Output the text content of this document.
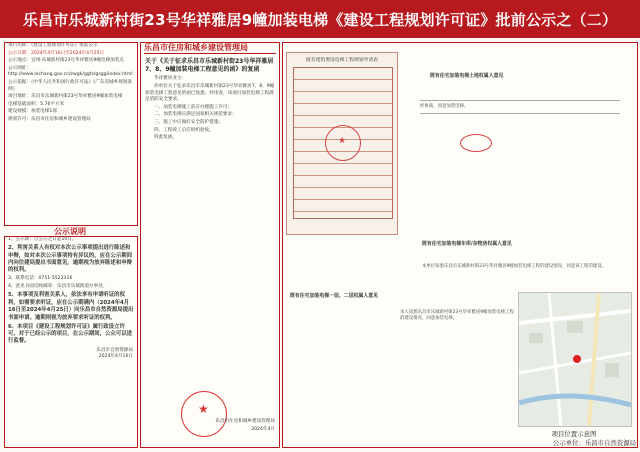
乐昌市乐城新村街23号华祥雅居9幢加装电梯《建设工程规划许可证》批前公示之（二）

项目名称：《建设工程规划许可证》批前公示

公示日期：2024年4月16日至2024年4月25日

公示地点：宜州·乐城新村街23号华祥雅居9幢电梯加装点

公示网址：http://www.lechang.gov.cn/zwgk/ggts/gsgg/index.html

公示依据：《中华人民共和国行政许可法》《广东省城乡规划条例》

项目地址：乐昌市乐城新村街23号华祥雅居9幢加装电梯

电梯基础面积：5.76平方米

建设规模：加装电梯1部

规划许可：乐昌市住房和城乡建设管理局

公示说明

1、公示期：自公示之日起10日。

2、利害关系人有权对本次公示事项提出进行陈述和申辩，如对本次公示事项持有异议的，应在公示期间内向住建局提出书面意见，逾期视为放弃陈述和申辩的权利。

3、联系电话：0751-5522316

4、意见书面反映邮寄：乐昌市乐城街道办事处。

5、本事项及利害关系人，依法享有申请听证的权利，如需要求听证，应在公示期满内（2024年4月16日至2024年4月25日）向乐昌市自然资源局提出书面申请。逾期则视为放弃要求听证的权利。

6、本项目《建设工程规划许可证》属行政设立许可，对于已经公示的项目，在公示期间，公众可以进行监督。

乐昌市自然资源局
2024年4月16日
乐昌市住房和城乡建设管理局
关于《关于征求乐昌市乐城新村街23号华祥雅居7、8、9幢加装电梯工程意见的函》的复函

华祥雅居业主：

你单位关于征求乐昌市乐城新村街23号华祥雅居7、8、9幢加装电梯工程意见的函已收悉。经审查，该项目加装电梯工程满足消防安全要求。

一、加装电梯施工前应办理施工许可；

二、加装电梯应满足国家相关规范要求；

三、施工中应做好安全防护措施；

四、工程竣工后应组织验收。

特此复函。

★
乐昌市住房和城乡建设管理局
2024年4月
既有建筑增设电梯工程规划申请表
★
既有住宅加装电梯土地权属人意见
经协商，同意加装电梯。
既有住宅加装电梯车库/杂物房权属人意见
本单位知悉乐昌市乐城新村街23号华祥雅居9幢加装电梯工程的建设情况，同意该工程的建设。
既有住宅加装电梯一层、二层权属人意见
本人知悉乐昌市乐城新村街23号华祥雅居9幢加装电梯工程的建设情况，同意加装电梯。
项目位置示意图
公示单位：乐昌市自然资源局
